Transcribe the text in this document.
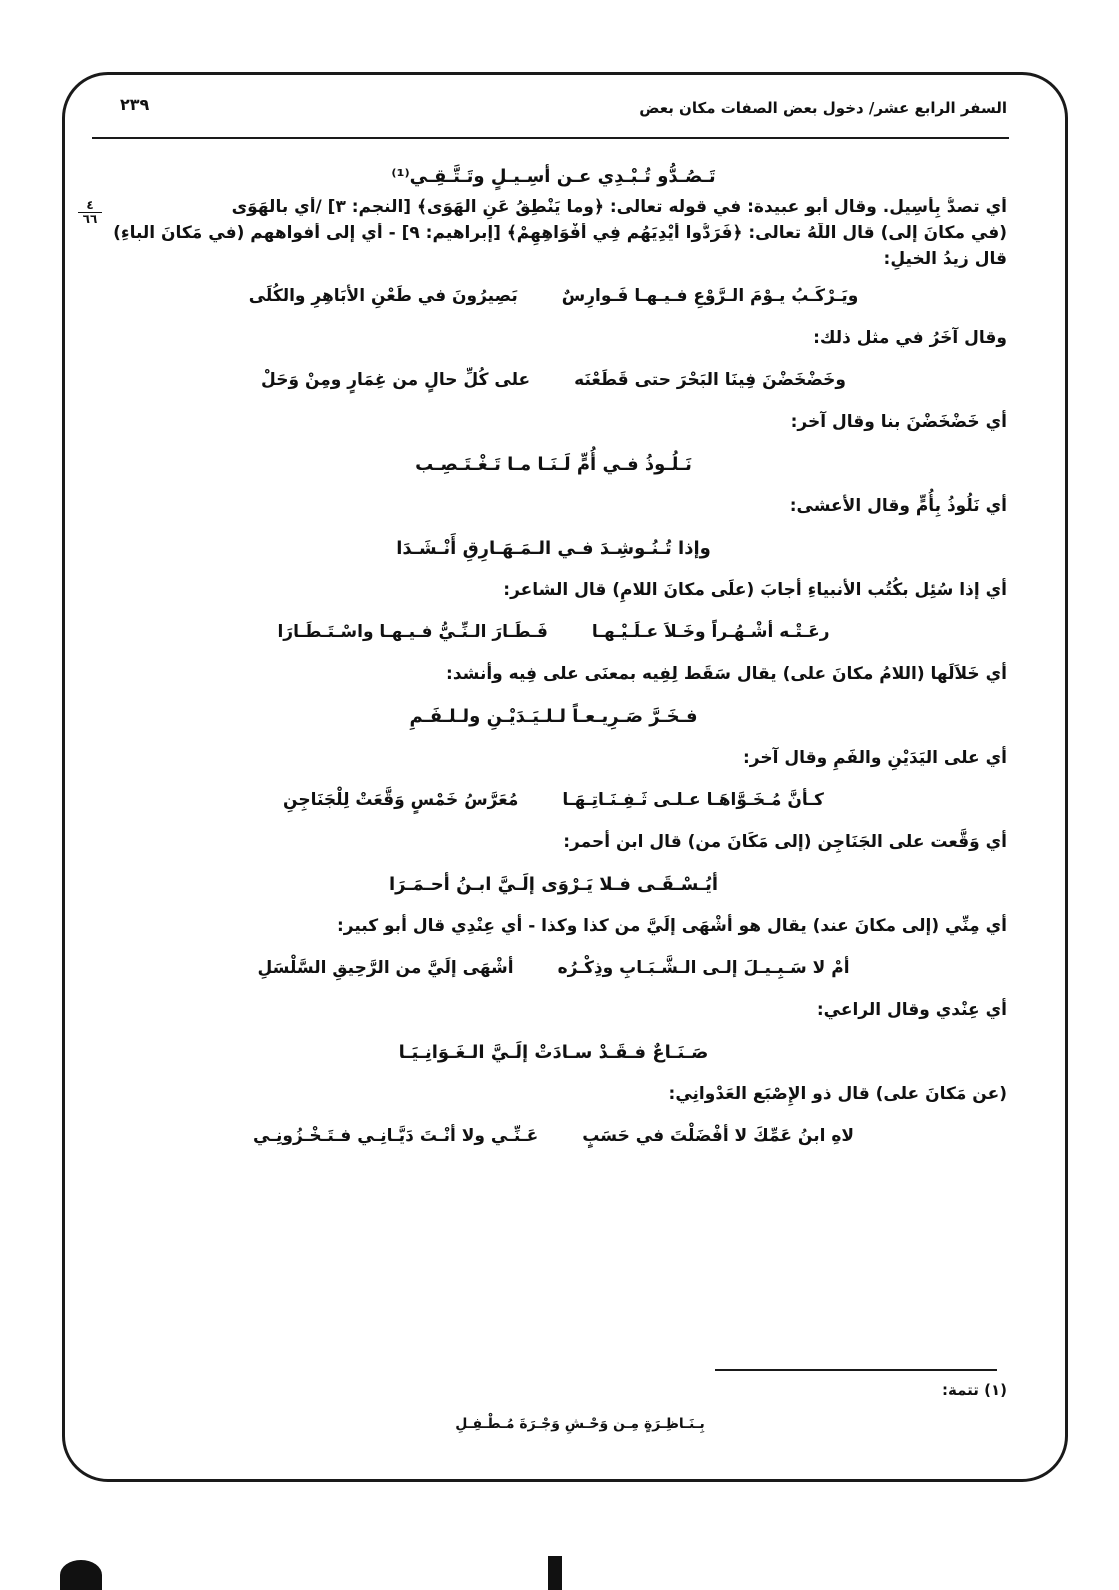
٢٣٩	السفر الرابع عشر/ دخول بعض الصفات مكان بعض
٤
٦٦
تَـصُـدُّو تُـبْـدِي عـن أسِـيـلٍ وتَـتَّـقِـي⁽¹⁾

أي تصدُّ بِأَسِيل. وقال أبو عبيدة: في قوله تعالى: ﴿وما يَنْطِقُ عَنِ الهَوَى﴾ [النجم: ٣] /أي بالهَوَى

(في مكانَ إلى) قال اللَّهُ تعالى: ﴿فَرَدُّوا أَيْدِيَهُم فِي أَفْوَاهِهِمْ﴾ [إبراهيم: ٩] - أي إلى أفواههم (في مَكانَ الباءِ)

قال زيدُ الخيلِ:

ويَـرْكَـبُ يـوْمَ الـرَّوْعِ فـيـهـا فَـوارِسٌ
بَصِيرُونَ في طَعْنِ الأبَاهِرِ والكُلَى

وقال آخَرُ في مثل ذلك:

وخَضْخَضْنَ فِينَا البَحْرَ حتى قَطَعْنَه
على كُلِّ حالٍ من غِمَارٍ ومِنْ وَحَلْ

أي خَضْخَضْنَ بنا وقال آخر:

نَـلُـوذُ فـي أُمٍّ لَـنَـا مـا تَـغْـتَـصِـب

أي نَلُوذُ بِأُمٍّ وقال الأعشى:

وإذا تُـنُـوشِـدَ فـي الـمَـهَـارِقِ أَنْـشَـدَا

أي إذا سُئِل بكُتُب الأنبياءِ أجابَ (علَى مكانَ اللامِ) قال الشاعر:

رعَـتْـه أشْـهُـراً وخَـلاَ عـلَـيْـهـا
فَـطَـارَ الـنِّـيُّ فـيـهـا واسْـتَـطَـارَا

أي خَلاَلَها (اللامُ مكانَ على) يقال سَقَط لِفِيه بمعنَى على فِيه وأنشد:

فـخَـرَّ صَـرِيـعـاً لـلـيَـدَيْـنِ ولـلـفَـمِ

أي على اليَدَيْنِ والفَمِ وقال آخر:

كـأنَّ مُـخَـوَّاهَـا عـلـى ثَـفِـنَـاتِـهَـا
مُعَرَّسُ خَمْسٍ وَقَّعَتْ لِلْجَنَاجِنِ

أي وَقَّعت على الجَنَاجِن (إلى مَكَانَ من) قال ابن أحمر:

أيُـسْـقَـى فـلا يَـرْوَى إلَـيَّ ابـنُ أحـمَـرَا

أي مِنِّي (إلى مكانَ عند) يقال هو أشْهَى إلَيَّ من كذا وكذا - أي عِنْدِي قال أبو كبير:

أمْ لا سَـبِـيـلَ إلـى الـشَّـبَـابِ وذِكْـرُه
أشْهَى إلَيَّ من الرَّحِيقِ السَّلْسَلِ

أي عِنْدي وقال الراعي:

صَـنَـاعٌ فـقَـدْ سـادَتْ إلَـيَّ الـغَـوَانِـيَـا

(عن مَكانَ على) قال ذو الإِصْبَع العَدْوانِي:

لاهِ ابنُ عَمِّكَ لا أفْضَلْتَ في حَسَبٍ
عَـنِّـي ولا أنْـتَ دَيَّـانِـي فـتَـخْـزُونِـي
(١) تتمة:
بِـنَـاظِـرَةٍ مِـن وَحْـشِ وَجْـرَةَ مُـطْـفِـلِ
